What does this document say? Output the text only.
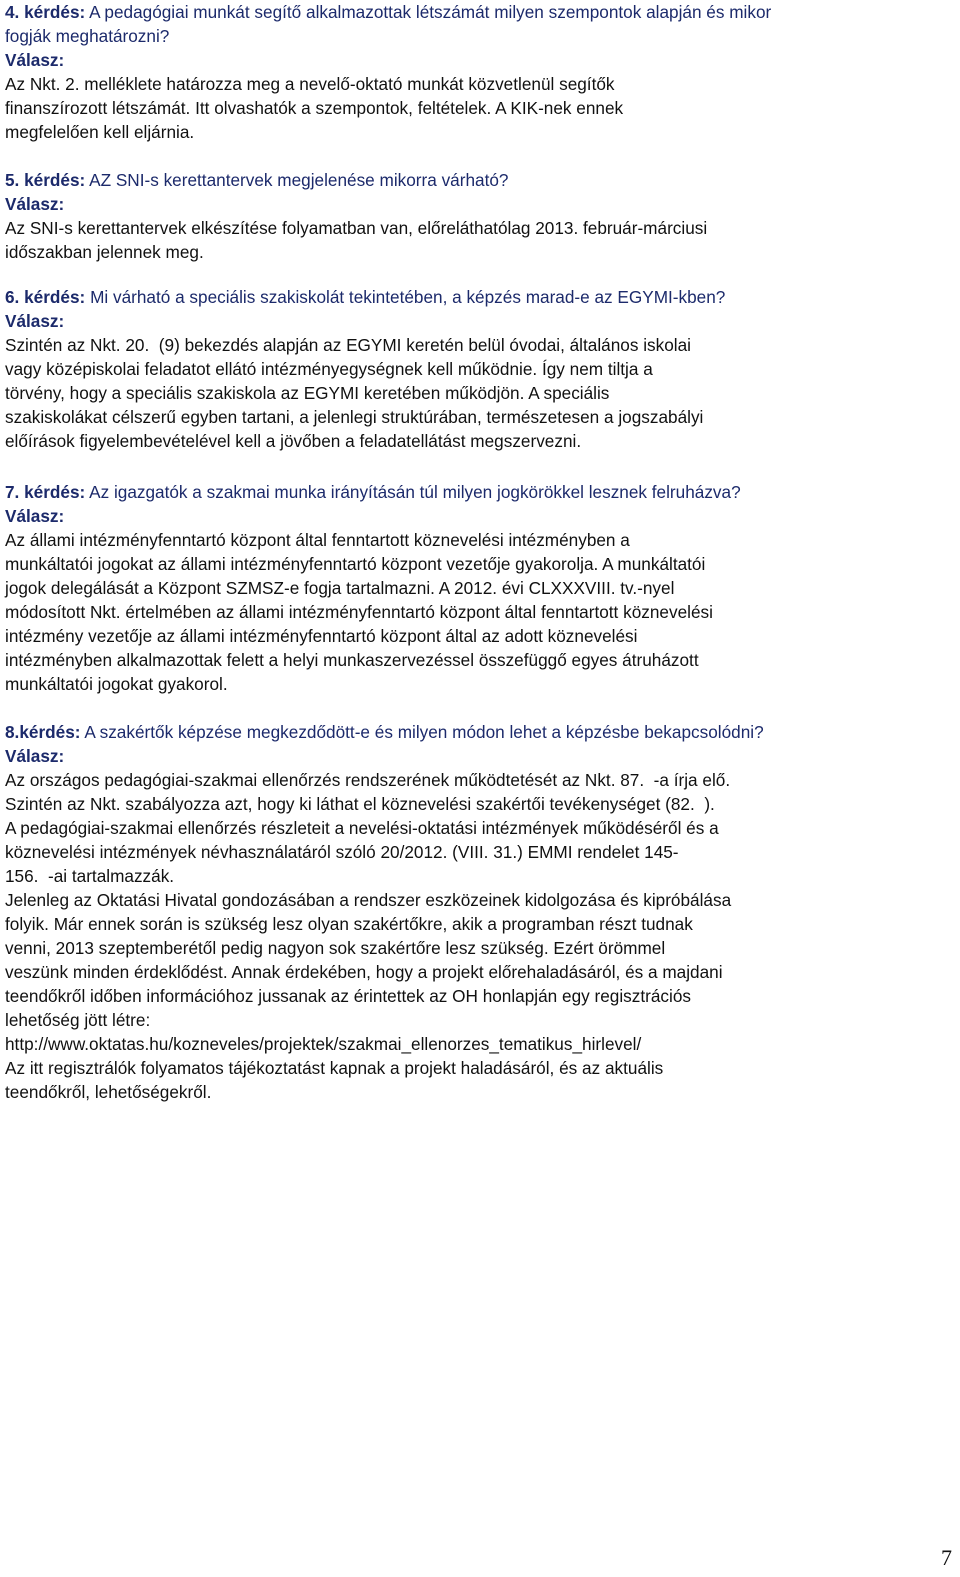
4. kérdés: A pedagógiai munkát segítő alkalmazottak létszámát milyen szempontok alapján és mikor
fogják meghatározni?
Válasz:
Az Nkt. 2. melléklete határozza meg a nevelő-oktató munkát közvetlenül segítők
finanszírozott létszámát. Itt olvashatók a szempontok, feltételek. A KIK-nek ennek
megfelelően kell eljárnia.
5. kérdés: AZ SNI-s kerettantervek megjelenése mikorra várható?
Válasz:
Az SNI-s kerettantervek elkészítése folyamatban van, előreláthatólag 2013. február-márciusi
időszakban jelennek meg.
6. kérdés: Mi várható a speciális szakiskolát tekintetében, a képzés marad-e az EGYMI-kben?
Válasz:
Szintén az Nkt. 20.  (9) bekezdés alapján az EGYMI keretén belül óvodai, általános iskolai
vagy középiskolai feladatot ellátó intézményegységnek kell működnie. Így nem tiltja a
törvény, hogy a speciális szakiskola az EGYMI keretében működjön. A speciális
szakiskolákat célszerű egyben tartani, a jelenlegi struktúrában, természetesen a jogszabályi
előírások figyelembevételével kell a jövőben a feladatellátást megszervezni.
7. kérdés: Az igazgatók a szakmai munka irányításán túl milyen jogkörökkel lesznek felruházva?
Válasz:
Az állami intézményfenntartó központ által fenntartott köznevelési intézményben a
munkáltatói jogokat az állami intézményfenntartó központ vezetője gyakorolja. A munkáltatói
jogok delegálását a Központ SZMSZ-e fogja tartalmazni. A 2012. évi CLXXXVIII. tv.-nyel
módosított Nkt. értelmében az állami intézményfenntartó központ által fenntartott köznevelési
intézmény vezetője az állami intézményfenntartó központ által az adott köznevelési
intézményben alkalmazottak felett a helyi munkaszervezéssel összefüggő egyes átruházott
munkáltatói jogokat gyakorol.
8.kérdés: A szakértők képzése megkezdődött-e és milyen módon lehet a képzésbe bekapcsolódni?
Válasz:
Az országos pedagógiai-szakmai ellenőrzés rendszerének működtetését az Nkt. 87.  -a írja elő.
Szintén az Nkt. szabályozza azt, hogy ki láthat el köznevelési szakértői tevékenységet (82.  ).
A pedagógiai-szakmai ellenőrzés részleteit a nevelési-oktatási intézmények működéséről és a
köznevelési intézmények névhasználatáról szóló 20/2012. (VIII. 31.) EMMI rendelet 145-
156.  -ai tartalmazzák.
Jelenleg az Oktatási Hivatal gondozásában a rendszer eszközeinek kidolgozása és kipróbálása
folyik. Már ennek során is szükség lesz olyan szakértőkre, akik a programban részt tudnak
venni, 2013 szeptemberétől pedig nagyon sok szakértőre lesz szükség. Ezért örömmel
veszünk minden érdeklődést. Annak érdekében, hogy a projekt előrehaladásáról, és a majdani
teendőkről időben információhoz jussanak az érintettek az OH honlapján egy regisztrációs
lehetőség jött létre:
http://www.oktatas.hu/kozneveles/projektek/szakmai_ellenorzes_tematikus_hirlevel/
Az itt regisztrálók folyamatos tájékoztatást kapnak a projekt haladásáról, és az aktuális
teendőkről, lehetőségekről.
7
